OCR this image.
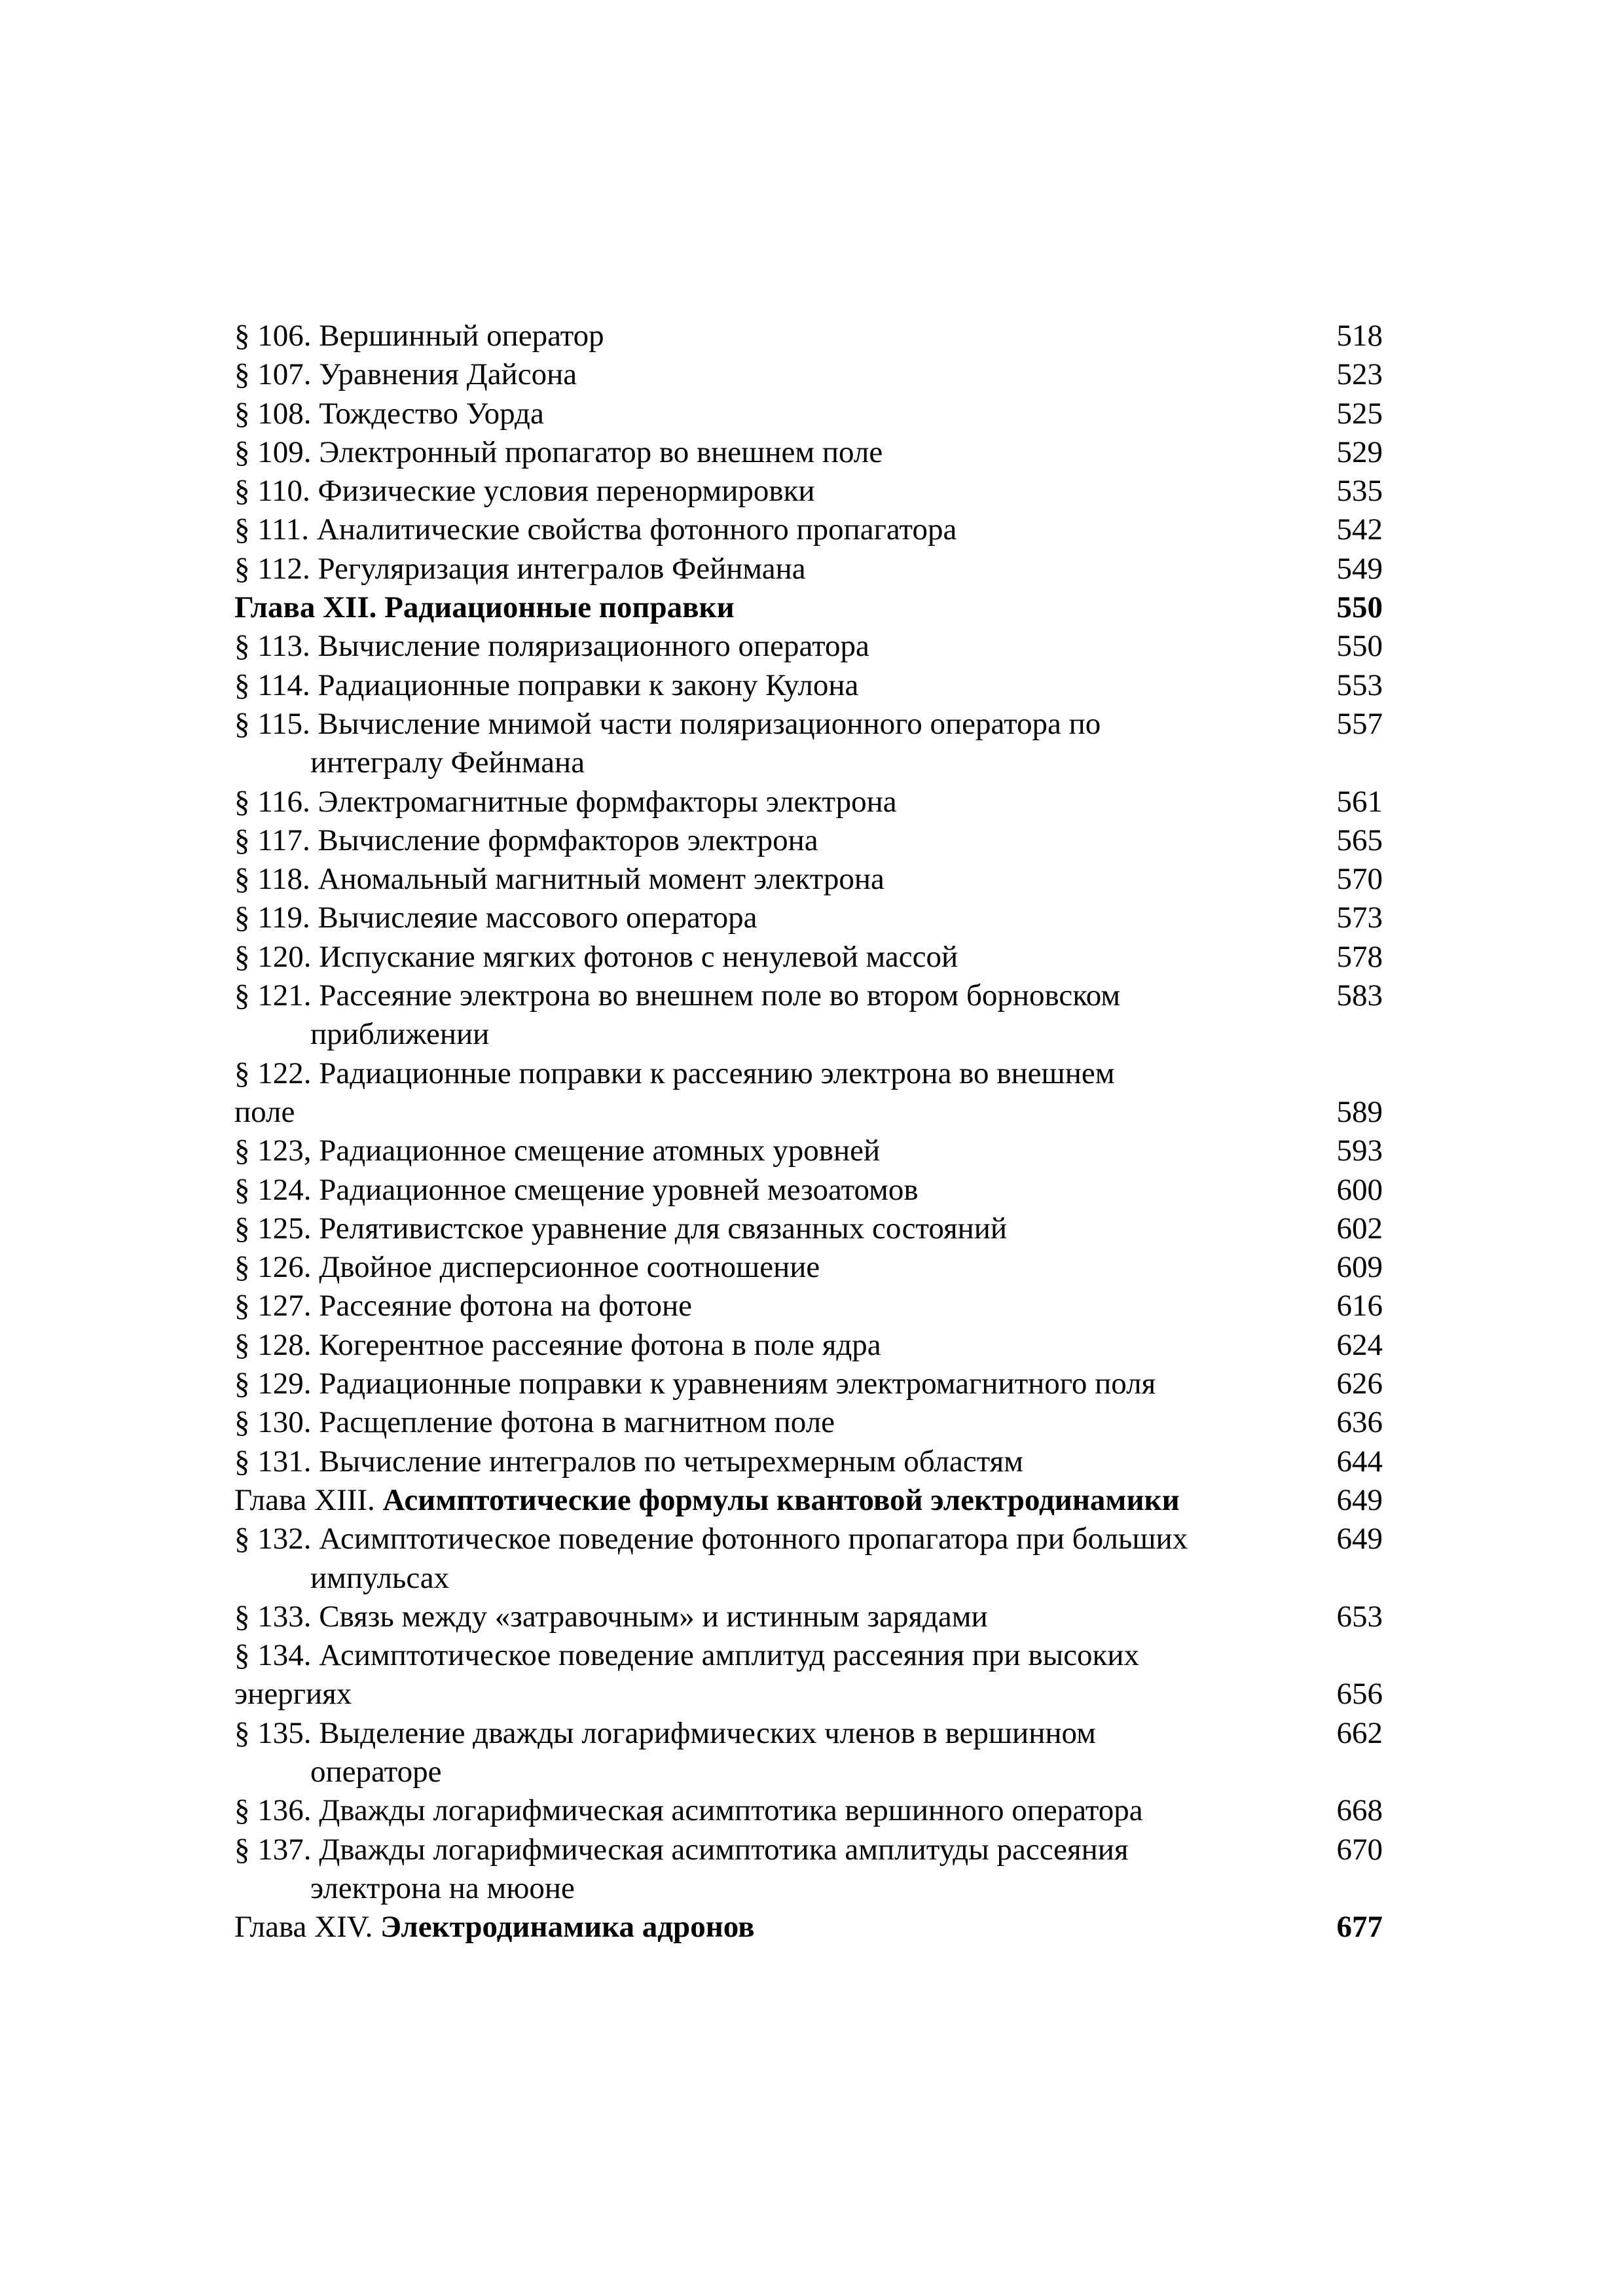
§ 106. Вершинный оператор	518
§ 107. Уравнения Дайсона	523
§ 108. Тождество Уорда	525
§ 109. Электронный пропагатор во внешнем поле	529
§ 110. Физические условия перенормировки	535
§ 111. Аналитические свойства фотонного пропагатора	542
§ 112. Регуляризация интегралов Фейнмана	549
Глава XII. Радиационные поправки	550
§ 113. Вычисление поляризационного оператора	550
§ 114. Радиационные поправки к закону Кулона	553
§ 115. Вычисление мнимой части поляризационного оператора по	557
интегралу Фейнмана
§ 116. Электромагнитные формфакторы электрона	561
§ 117. Вычисление формфакторов электрона	565
§ 118. Аномальный магнитный момент электрона	570
§ 119. Вычислеяие массового оператора	573
§ 120. Испускание мягких фотонов с ненулевой массой	578
§ 121. Рассеяние электрона во внешнем поле во втором борновском	583
приближении
§ 122. Радиационные поправки к рассеянию электрона во внешнем
поле	589
§ 123, Радиационное смещение атомных уровней	593
§ 124. Радиационное смещение уровней мезоатомов	600
§ 125. Релятивистское уравнение для связанных состояний	602
§ 126. Двойное дисперсионное соотношение	609
§ 127. Рассеяние фотона на фотоне	616
§ 128. Когерентное рассеяние фотона в поле ядра	624
§ 129. Радиационные поправки к уравнениям электромагнитного поля	626
§ 130. Расщепление фотона в магнитном поле	636
§ 131. Вычисление интегралов по четырехмерным областям	644
Глава XIII. Асимптотические формулы квантовой электродинамики	649
§ 132. Асимптотическое поведение фотонного пропагатора при больших	649
импульсах
§ 133. Связь между «затравочным» и истинным зарядами	653
§ 134. Асимптотическое поведение амплитуд рассеяния при высоких
энергиях	656
§ 135. Выделение дважды логарифмических членов в вершинном	662
операторе
§ 136. Дважды логарифмическая асимптотика вершинного оператора	668
§ 137. Дважды логарифмическая асимптотика амплитуды рассеяния	670
электрона на мюоне
Глава XIV. Электродинамика адронов	677
